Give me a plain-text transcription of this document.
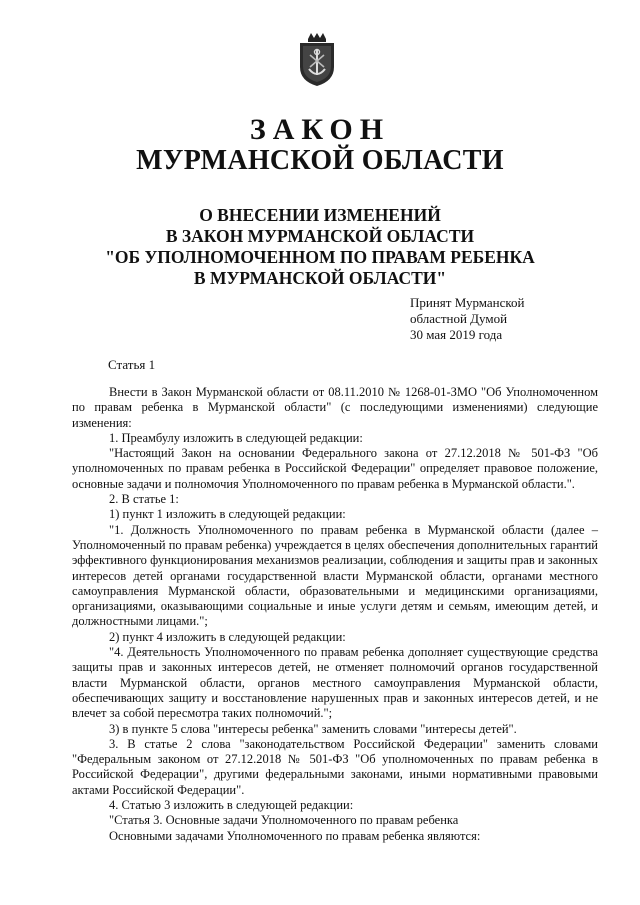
ЗАКОН
МУРМАНСКОЙ ОБЛАСТИ
О ВНЕСЕНИИ ИЗМЕНЕНИЙ
В ЗАКОН МУРМАНСКОЙ ОБЛАСТИ
"ОБ УПОЛНОМОЧЕННОМ ПО ПРАВАМ РЕБЕНКА
В МУРМАНСКОЙ ОБЛАСТИ"
Принят Мурманской
областной Думой
30 мая 2019 года
Статья 1

Внести в Закон Мурманской области от 08.11.2010 № 1268-01-ЗМО "Об Уполномоченном по правам ребенка в Мурманской области" (с последующими изменениями) следующие изменения:

1. Преамбулу изложить в следующей редакции:

"Настоящий Закон на основании Федерального закона от 27.12.2018 № 501-ФЗ "Об уполномоченных по правам ребенка в Российской Федерации" определяет правовое положение, основные задачи и полномочия Уполномоченного по правам ребенка в Мурманской области.".

2. В статье 1:

1) пункт 1 изложить в следующей редакции:

"1. Должность Уполномоченного по правам ребенка в Мурманской области (далее – Уполномоченный по правам ребенка) учреждается в целях обеспечения дополнительных гарантий эффективного функционирования механизмов реализации, соблюдения и защиты прав и законных интересов детей органами государственной власти Мурманской области, органами местного самоуправления Мурманской области, образовательными и медицинскими организациями, организациями, оказывающими социальные и иные услуги детям и семьям, имеющим детей, и должностными лицами.";

2) пункт 4 изложить в следующей редакции:

"4. Деятельность Уполномоченного по правам ребенка дополняет существующие средства защиты прав и законных интересов детей, не отменяет полномочий органов государственной власти Мурманской области, органов местного самоуправления Мурманской области, обеспечивающих защиту и восстановление нарушенных прав и законных интересов детей, и не влечет за собой пересмотра таких полномочий.";

3) в пункте 5 слова "интересы ребенка" заменить словами "интересы детей".

3. В статье 2 слова "законодательством Российской Федерации" заменить словами "Федеральным законом от 27.12.2018 № 501-ФЗ "Об уполномоченных по правам ребенка в Российской Федерации", другими федеральными законами, иными нормативными правовыми актами Российской Федерации".

4. Статью 3 изложить в следующей редакции:

"Статья 3. Основные задачи Уполномоченного по правам ребенка

Основными задачами Уполномоченного по правам ребенка являются:
